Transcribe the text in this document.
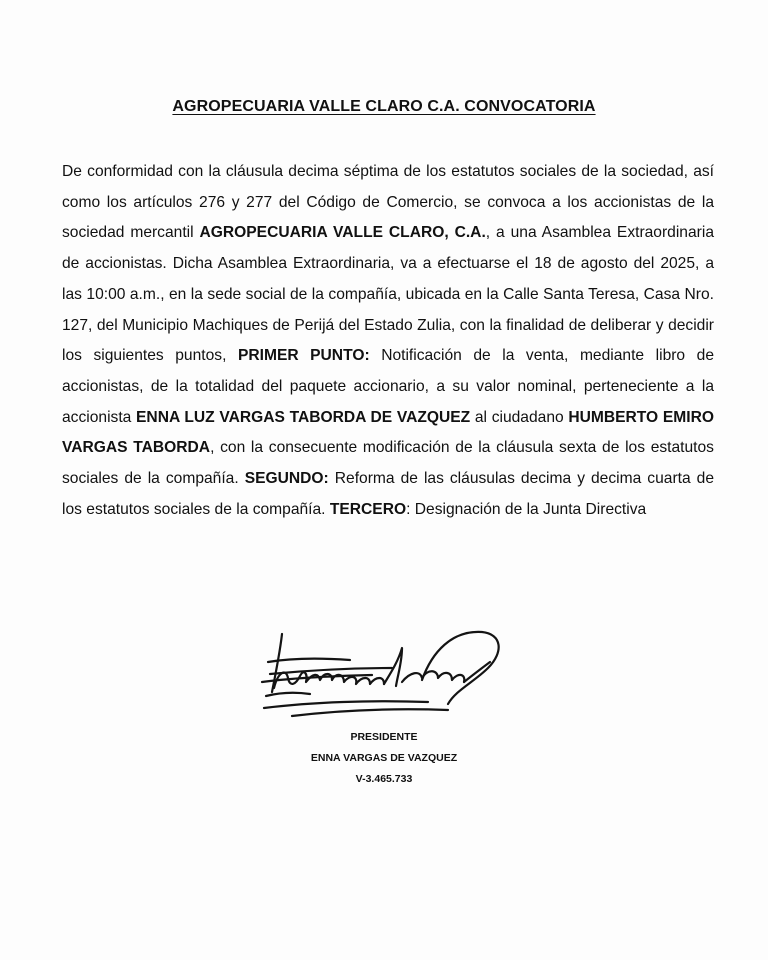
AGROPECUARIA VALLE CLARO C.A. CONVOCATORIA
De conformidad con la cláusula decima séptima de los estatutos sociales de la sociedad, así como los artículos 276 y 277 del Código de Comercio, se convoca a los accionistas de la sociedad mercantil AGROPECUARIA VALLE CLARO, C.A., a una Asamblea Extraordinaria de accionistas. Dicha Asamblea Extraordinaria, va a efectuarse el 18 de agosto del 2025, a las 10:00 a.m., en la sede social de la compañía, ubicada en la Calle Santa Teresa, Casa Nro. 127, del Municipio Machiques de Perijá del Estado Zulia, con la finalidad de deliberar y decidir los siguientes puntos, PRIMER PUNTO: Notificación de la venta, mediante libro de accionistas, de la totalidad del paquete accionario, a su valor nominal, perteneciente a la accionista ENNA LUZ VARGAS TABORDA DE VAZQUEZ al ciudadano HUMBERTO EMIRO VARGAS TABORDA, con la consecuente modificación de la cláusula sexta de los estatutos sociales de la compañía. SEGUNDO: Reforma de las cláusulas decima y decima cuarta de los estatutos sociales de la compañía. TERCERO: Designación de la Junta Directiva
PRESIDENTE
ENNA VARGAS DE VAZQUEZ
V-3.465.733
